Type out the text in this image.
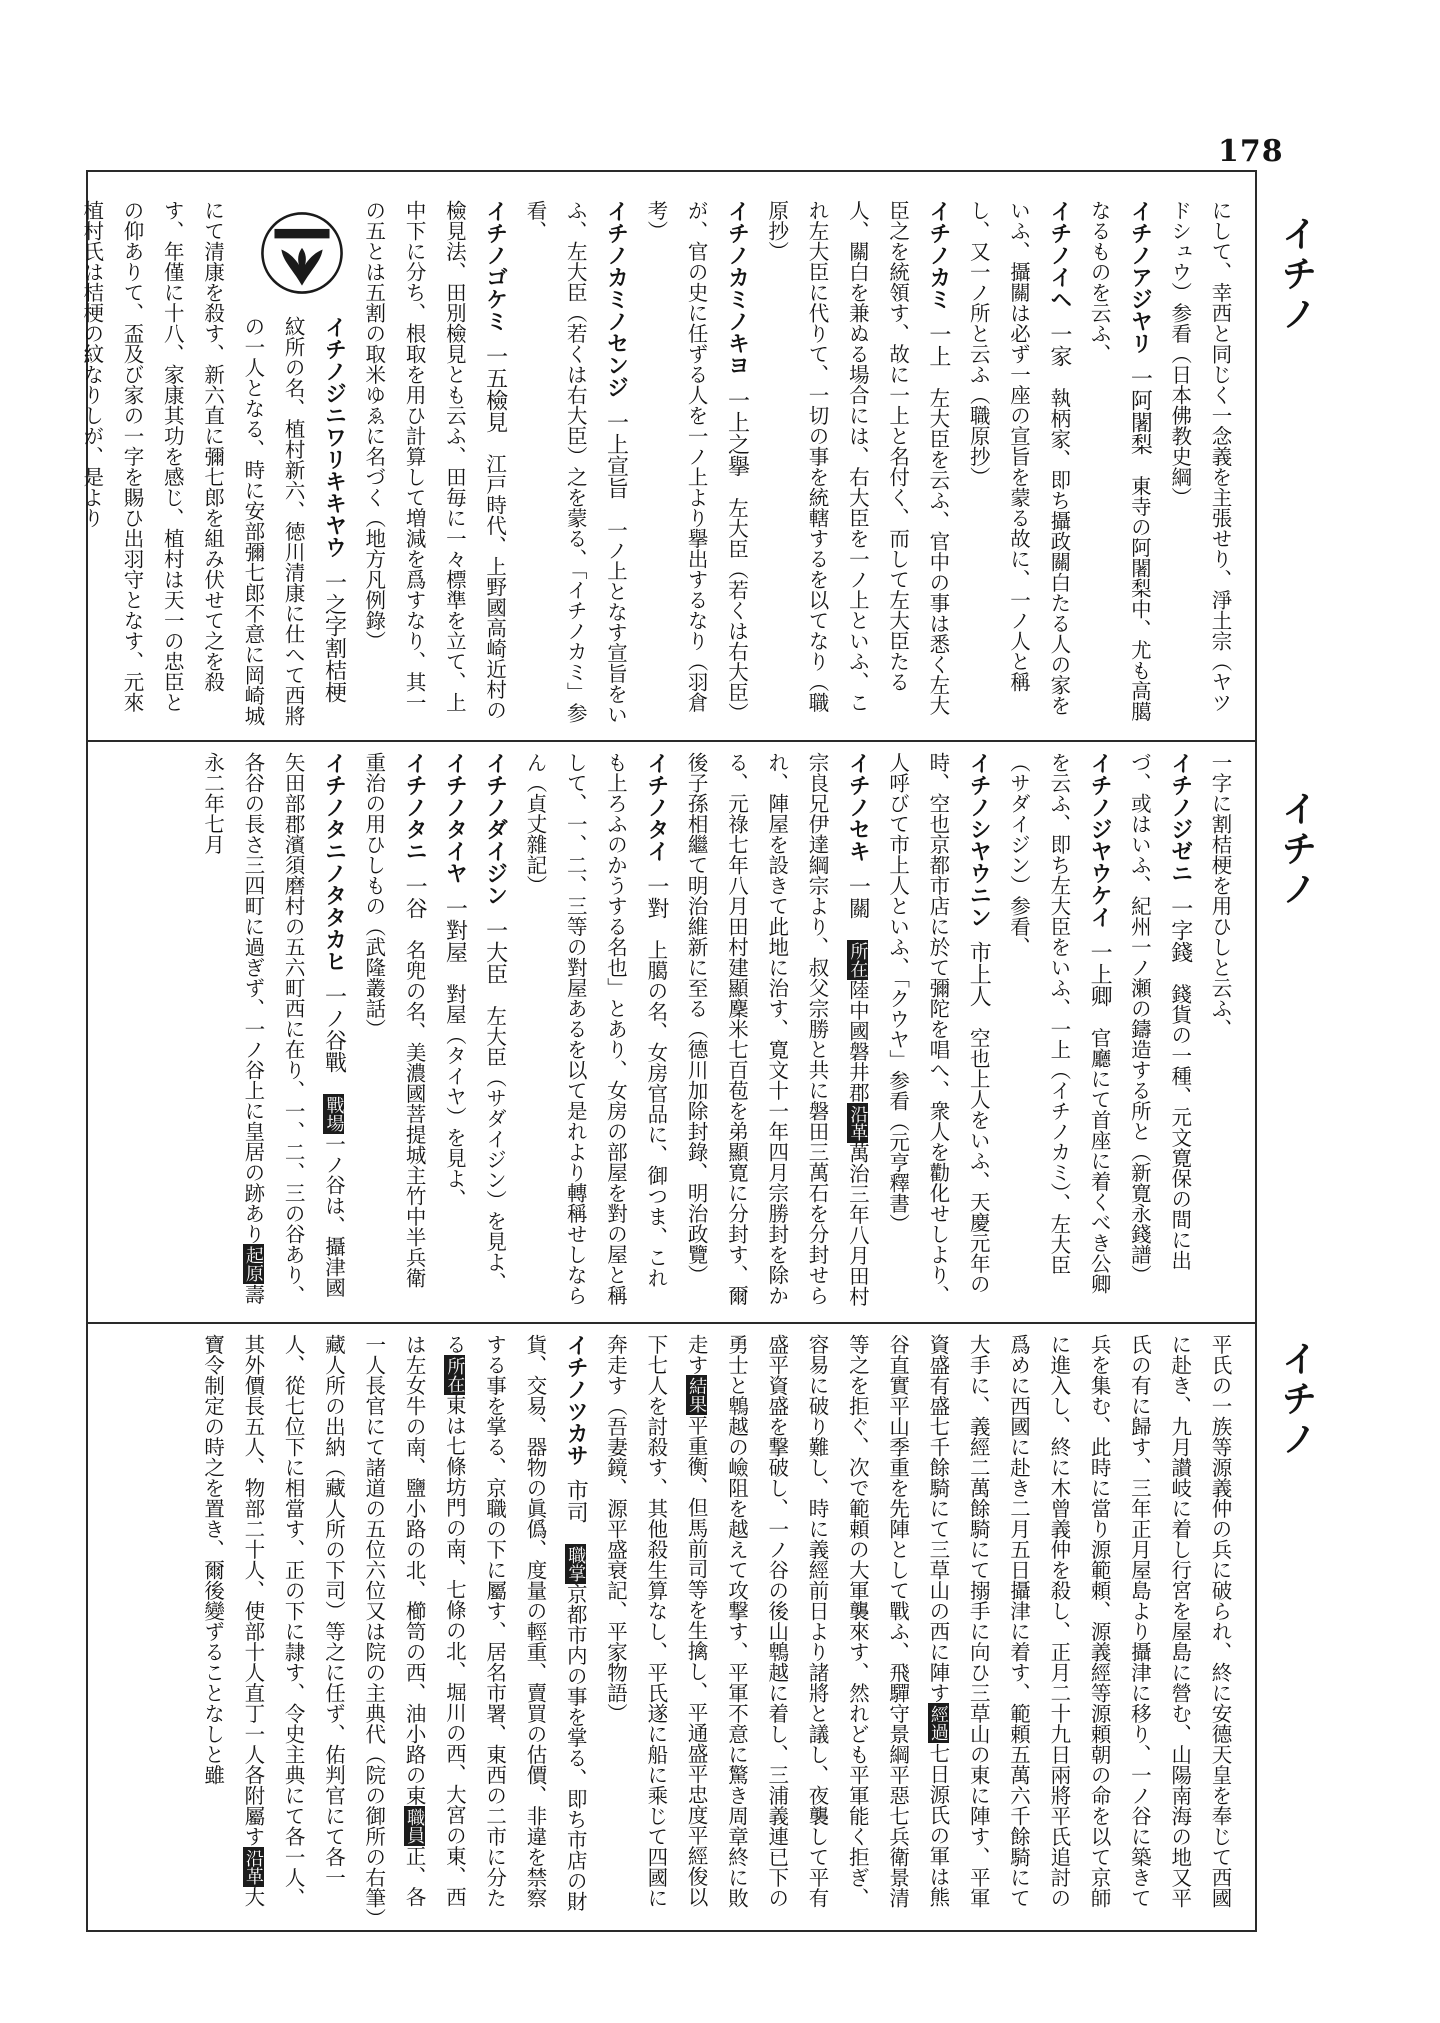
178
イチノ
イチノ
イチノ

にして、幸西と同じく一念義を主張せり、淨土宗（ヤツドシュウ）参看（日本佛教史綱）

イチノアジヤリ一阿闍梨　東寺の阿闍梨中、尤も高臈なるものを云ふ、

イチノイヘ一家　執柄家、即ち攝政關白たる人の家をいふ、攝關は必ず一座の宣旨を蒙る故に、一ノ人と稱し、又一ノ所と云ふ（職原抄）

イチノカミ一上　左大臣を云ふ、官中の事は悉く左大臣之を統領す、故に一上と名付く、而して左大臣たる人、關白を兼ぬる場合には、右大臣を一ノ上といふ、これ左大臣に代りて、一切の事を統轄するを以てなり（職原抄）

イチノカミノキヨ一上之擧　左大臣（若くは右大臣）が、官の史に任ずる人を一ノ上より擧出するなり（羽倉考）

イチノカミノセンジ一上宣旨　一ノ上となす宣旨をいふ、左大臣（若くは右大臣）之を蒙る、「イチノカミ」参看、

イチノゴケミ一五檢見　江戸時代、上野國高崎近村の檢見法、田別檢見とも云ふ、田毎に一々標準を立て、上中下に分ち、根取を用ひ計算して増減を爲すなり、其一の五とは五割の取米ゆゑに名づく（地方凡例錄）

イチノジニワリキキヤウ一之字割桔梗　紋所の名、植村新六、徳川清康に仕へて西將の一人となる、時に安部彌七郎不意に岡崎城にて清康を殺す、新六直に彌七郎を組み伏せて之を殺す、年僅に十八、家康其功を感じ、植村は天一の忠臣との仰ありて、盃及び家の一字を賜ひ出羽守となす、元來植村氏は桔梗の紋なりしが、是より

一字に割桔梗を用ひしと云ふ、

イチノジゼニ一字錢　錢貨の一種、元文寛保の間に出づ、或はいふ、紀州一ノ瀬の鑄造する所と（新寛永錢譜）

イチノジヤウケイ一上卿　官廳にて首座に着くべき公卿を云ふ、即ち左大臣をいふ、一上（イチノカミ）、左大臣（サダイジン）参看、

イチノシヤウニン市上人　空也上人をいふ、天慶元年の時、空也京都市店に於て彌陀を唱へ、衆人を勸化せしより、人呼びて市上人といふ、「クウヤ」参看（元亨釋書）

イチノセキ一關　所在陸中國磐井郡沿革萬治三年八月田村宗良兄伊達綱宗より、叔父宗勝と共に磐田三萬石を分封せられ、陣屋を設きて此地に治す、寛文十一年四月宗勝封を除かる、元祿七年八月田村建顯麇米七百苞を弟顯寛に分封す、爾後子孫相繼て明治維新に至る（德川加除封錄、明治政覽）

イチノタイ一對　上臈の名、女房官品に、御つま、これも上ろふのかうする名也」とあり、女房の部屋を對の屋と稱して、一、二、三等の對屋あるを以て是れより轉稱せしならん（貞丈雜記）

イチノダイジン一大臣　左大臣（サダイジン）を見よ、

イチノタイヤ一對屋　對屋（タイヤ）を見よ、

イチノタニ一谷　名兜の名、美濃國菩提城主竹中半兵衛重治の用ひしもの（武隆叢話）

イチノタニノタタカヒ一ノ谷戰　戰場一ノ谷は、攝津國矢田部郡濱須磨村の五六町西に在り、一、二、三の谷あり、各谷の長さ三四町に過ぎず、一ノ谷上に皇居の跡あり起原壽永二年七月

平氏の一族等源義仲の兵に破られ、終に安德天皇を奉じて西國に赴き、九月讃岐に着し行宮を屋島に營む、山陽南海の地又平氏の有に歸す、三年正月屋島より攝津に移り、一ノ谷に築きて兵を集む、此時に當り源範頼、源義經等源頼朝の命を以て京師に進入し、終に木曾義仲を殺し、正月二十九日兩將平氏追討の爲めに西國に赴き二月五日攝津に着す、範頼五萬六千餘騎にて大手に、義經二萬餘騎にて搦手に向ひ三草山の東に陣す、平軍資盛有盛七千餘騎にて三草山の西に陣す經過七日源氏の軍は熊谷直實平山季重を先陣として戰ふ、飛驒守景綱平惡七兵衛景清等之を拒ぐ、次で範頼の大軍襲來す、然れども平軍能く拒ぎ、容易に破り難し、時に義經前日より諸將と議し、夜襲して平有盛平資盛を撃破し、一ノ谷の後山鵯越に着し、三浦義連已下の勇士と鵯越の嶮阻を越えて攻撃す、平軍不意に驚き周章終に敗走す結果平重衡、但馬前司等を生擒し、平通盛平忠度平經俊以下七人を討殺す、其他殺生算なし、平氏遂に船に乘じて四國に奔走す（吾妻鏡、源平盛衰記、平家物語）

イチノツカサ市司　職掌京都市内の事を掌る、即ち市店の財貨、交易、器物の眞僞、度量の輕重、賣買の估價、非違を禁察する事を掌る、京職の下に屬す、居名市署、東西の二市に分たる所在東は七條坊門の南、七條の北、堀川の西、大宮の東、西は左女牛の南、鹽小路の北、櫛笥の西、油小路の東職員正、各一人長官にて諸道の五位六位又は院の主典代（院の御所の右筆）藏人所の出納（藏人所の下司）等之に任ず、佑判官にて各一人、從七位下に相當す、正の下に隷す、令史主典にて各一人、其外價長五人、物部二十人、使部十人直丁一人各附屬す沿革大寶令制定の時之を置き、爾後變ずることなしと雖
